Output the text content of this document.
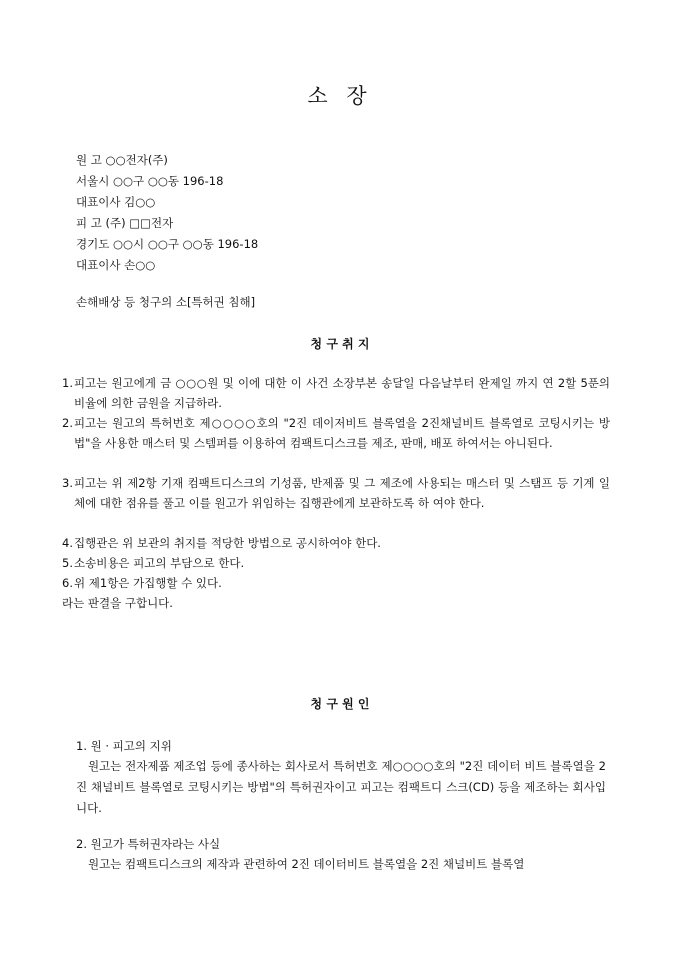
소 장
원 고 ○○전자(주)
서울시 ○○구 ○○동 196-18
대표이사 김○○
피 고 (주) □□전자
경기도 ○○시 ○○구 ○○동 196-18
대표이사 손○○
손해배상 등 청구의 소[특허권 침해]
청 구 취 지
1. 피고는 원고에게 금 ○○○원 및 이에 대한 이 사건 소장부본 송달일 다음날부터 완제일 까지 연 2할 5푼의 비율에 의한 금원을 지급하라.
2. 피고는 원고의 특허번호 제○○○○호의 "2진 데이저비트 블록열을 2진채널비트 블록열로 코팅시키는 방법"을 사용한 매스터 및 스템퍼를 이용하여 컴팩트디스크를 제조, 판매, 배포 하여서는 아니된다.
3. 피고는 위 제2항 기재 컴팩트디스크의 기성품, 반제품 및 그 제조에 사용되는 매스터 및 스탬프 등 기계 일체에 대한 점유를 풀고 이를 원고가 위임하는 집행관에게 보관하도록 하 여야 한다.
4. 집행관은 위 보관의 취지를 적당한 방법으로 공시하여야 한다.
5. 소송비용은 피고의 부담으로 한다.
6. 위 제1항은 가집행할 수 있다.
라는 판결을 구합니다.
청 구 원 인
1. 원 · 피고의 지위
원고는 전자제품 제조업 등에 종사하는 회사로서 특허번호 제○○○○호의 "2진 데이터 비트 블록열을 2진 채널비트 블록열로 코팅시키는 방법"의 특허권자이고 피고는 컴팩트디 스크(CD) 등을 제조하는 회사입니다.
2. 원고가 특허권자라는 사실
원고는 컴팩트디스크의 제작과 관련하여 2진 데이터비트 블록열을 2진 채널비트 블록열
